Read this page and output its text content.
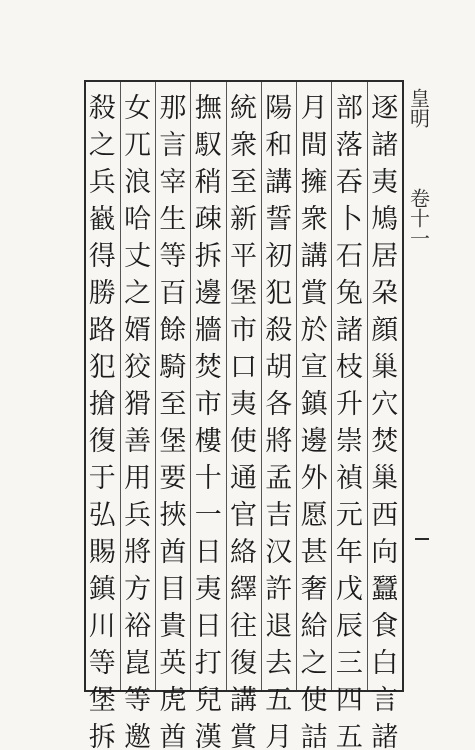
逐
諸
夷
鳩
居
朶
顔
巢
穴
焚
巢
西
向
蠶
食
白
言
諸
部
落
吞
卜
石
兔
諸
枝
升
崇
禎
元
年
戊
辰
三
四
五
月
間
擁
衆
講
賞
於
宣
鎮
邊
外
愿
甚
奢
給
之
使
詰
陽
和
講
誓
初
犯
殺
胡
各
將
孟
吉
汉
許
退
去
五
月
統
衆
至
新
平
堡
市
口
夷
使
通
官
絡
繹
往
復
講
賞
撫
馭
稍
疎
拆
邊
牆
焚
市
樓
十
一
日
夷
日
打
兒
漢
那
言
宰
生
等
百
餘
騎
至
堡
要
挾
酋
目
貴
英
虎
酋
女
兀
浪
哈
丈
之
婿
狡
猾
善
用
兵
將
方
裕
崑
等
邀
殺
之
兵
巀
得
勝
路
犯
搶
復
于
弘
賜
鎮
川
等
堡
拆
皇明
卷十一
